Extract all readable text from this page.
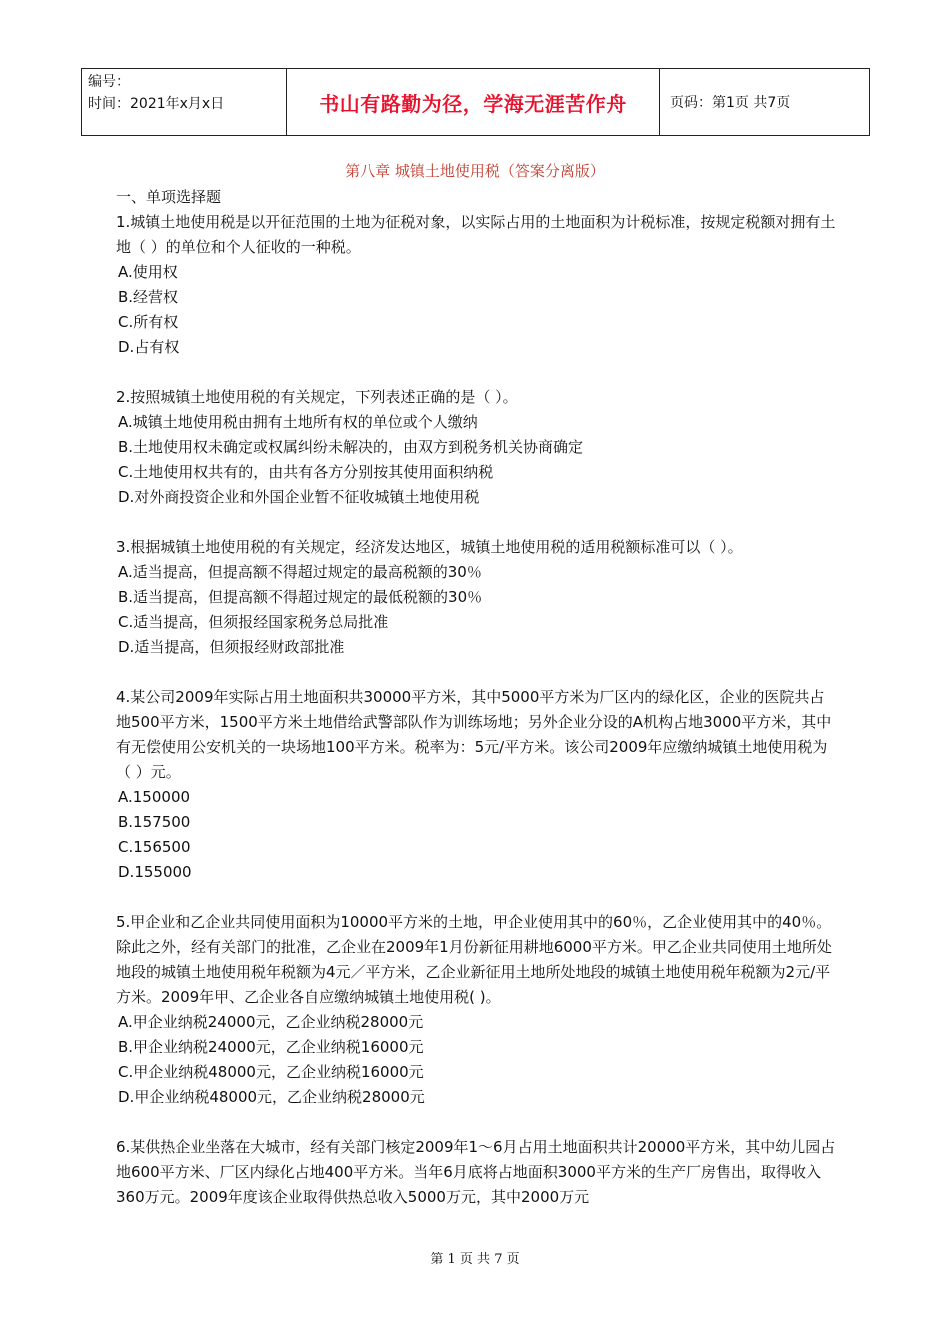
编号：
时间：2021年x月x日	书山有路勤为径，学海无涯苦作舟	页码：第1页 共7页
第八章 城镇土地使用税（答案分离版）
一、单项选择题

1.城镇土地使用税是以开征范围的土地为征税对象，以实际占用的土地面积为计税标准，按规定税额对拥有土地（ ）的单位和个人征收的一种税。

A.使用权

B.经营权

C.所有权

D.占有权

2.按照城镇土地使用税的有关规定，下列表述正确的是（ ）。

A.城镇土地使用税由拥有土地所有权的单位或个人缴纳

B.土地使用权未确定或权属纠纷未解决的，由双方到税务机关协商确定

C.土地使用权共有的，由共有各方分别按其使用面积纳税

D.对外商投资企业和外国企业暂不征收城镇土地使用税

3.根据城镇土地使用税的有关规定，经济发达地区，城镇土地使用税的适用税额标准可以（ ）。

A.适当提高，但提高额不得超过规定的最高税额的30％

B.适当提高，但提高额不得超过规定的最低税额的30％

C.适当提高，但须报经国家税务总局批准

D.适当提高，但须报经财政部批准

4.某公司2009年实际占用土地面积共30000平方米，其中5000平方米为厂区内的绿化区，企业的医院共占地500平方米，1500平方米土地借给武警部队作为训练场地；另外企业分设的A机构占地3000平方米，其中有无偿使用公安机关的一块场地100平方米。税率为：5元/平方米。该公司2009年应缴纳城镇土地使用税为（ ）元。

A.150000

B.157500

C.156500

D.155000

5.甲企业和乙企业共同使用面积为10000平方米的土地，甲企业使用其中的60％，乙企业使用其中的40％。除此之外，经有关部门的批准，乙企业在2009年1月份新征用耕地6000平方米。甲乙企业共同使用土地所处地段的城镇土地使用税年税额为4元／平方米，乙企业新征用土地所处地段的城镇土地使用税年税额为2元/平方米。2009年甲、乙企业各自应缴纳城镇土地使用税( )。

A.甲企业纳税24000元，乙企业纳税28000元

B.甲企业纳税24000元，乙企业纳税16000元

C.甲企业纳税48000元，乙企业纳税16000元

D.甲企业纳税48000元，乙企业纳税28000元

6.某供热企业坐落在大城市，经有关部门核定2009年1～6月占用土地面积共计20000平方米，其中幼儿园占地600平方米、厂区内绿化占地400平方米。当年6月底将占地面积3000平方米的生产厂房售出，取得收入360万元。2009年度该企业取得供热总收入5000万元，其中2000万元

第 1 页 共 7 页
